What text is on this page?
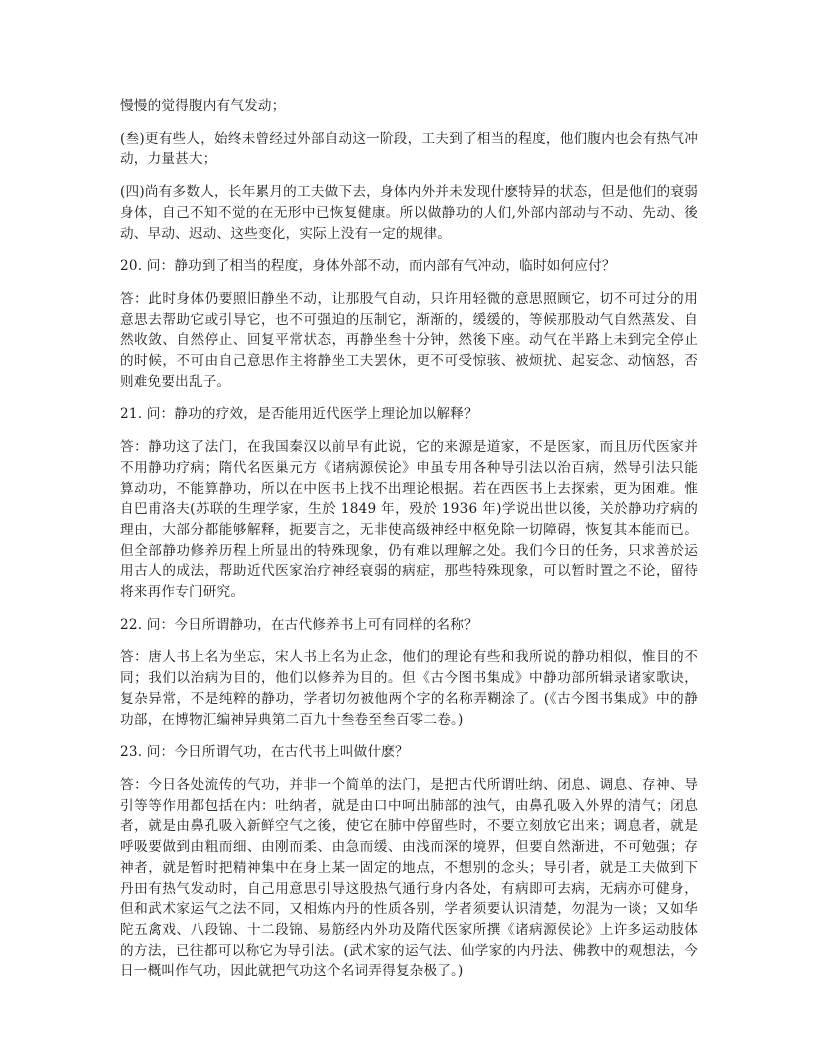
慢慢的觉得腹内有气发动；

(叁)更有些人，始终未曾经过外部自动这一阶段，工夫到了相当的程度，他们腹内也会有热气冲动，力量甚大；

(四)尚有多数人，长年累月的工夫做下去，身体内外并未发现什麽特异的状态，但是他们的衰弱身体，自己不知不觉的在无形中已恢复健康。所以做静功的人们,外部内部动与不动、先动、後动、早动、迟动、这些变化，实际上没有一定的规律。

20. 问：静功到了相当的程度，身体外部不动，而内部有气冲动，临时如何应付？

答：此时身体仍要照旧静坐不动，让那股气自动，只许用轻微的意思照顾它，切不可过分的用意思去帮助它或引导它，也不可强迫的压制它，渐渐的，缓缓的，等候那股动气自然蒸发、自然收敛、自然停止、回复平常状态，再静坐叁十分钟，然後下座。动气在半路上未到完全停止的时候，不可由自己意思作主将静坐工夫罢休，更不可受惊骇、被烦扰、起妄念、动恼怒，否则难免要出乱子。

21. 问：静功的疗效，是否能用近代医学上理论加以解释？

答：静功这了法门，在我国秦汉以前早有此说，它的来源是道家，不是医家，而且历代医家并不用静功疗病；隋代名医巢元方《诸病源侯论》申虽专用各种导引法以治百病，然导引法只能算动功，不能算静功，所以在中医书上找不出理论根据。若在西医书上去探索，更为困难。惟自巴甫洛夫(苏联的生理学家，生於 1849 年，殁於 1936 年)学说出世以後，关於静功疗病的理由，大部分都能够解释，扼要言之，无非使高级神经中枢免除一切障碍，恢复其本能而已。但全部静功修养历程上所显出的特殊现象，仍有难以理解之处。我们今日的任务，只求善於运用古人的成法，帮助近代医家治疗神经衰弱的病症，那些特殊现象，可以暂时置之不论，留待将来再作专门研究。

22. 问：今日所谓静功，在古代修养书上可有同样的名称？

答：唐人书上名为坐忘，宋人书上名为止念，他们的理论有些和我所说的静功相似，惟目的不同；我们以治病为目的，他们以修养为目的。但《古今图书集成》中静功部所辑录诸家歌诀，复杂异常，不是纯粹的静功，学者切勿被他两个字的名称弄糊涂了。(《古今图书集成》中的静功部，在博物汇编神异典第二百九十叁卷至叁百零二卷。)

23. 问：今日所谓气功，在古代书上叫做什麽？

答：今日各处流传的气功，并非一个简单的法门，是把古代所谓吐纳、闭息、调息、存神、导引等等作用都包括在内：吐纳者，就是由口中呵出肺部的浊气，由鼻孔吸入外界的清气；闭息者，就是由鼻孔吸入新鲜空气之後，使它在肺中停留些时，不要立刻放它出来；调息者，就是呼吸要做到由粗而细、由刚而柔、由急而缓、由浅而深的境界，但要自然渐进，不可勉强；存神者，就是暂时把精神集中在身上某一固定的地点，不想别的念头；导引者，就是工夫做到下丹田有热气发动时，自己用意思引导这股热气通行身内各处，有病即可去病，无病亦可健身，但和武术家运气之法不同，又相炼内丹的性质各别，学者须要认识清楚，勿混为一谈；又如华陀五禽戏、八段锦、十二段锦、易筋经内外功及隋代医家所撰《诸病源侯论》上许多运动肢体的方法，已往都可以称它为导引法。(武术家的运气法、仙学家的内丹法、佛教中的观想法，今日一概叫作气功，因此就把气功这个名词弄得复杂极了。)
